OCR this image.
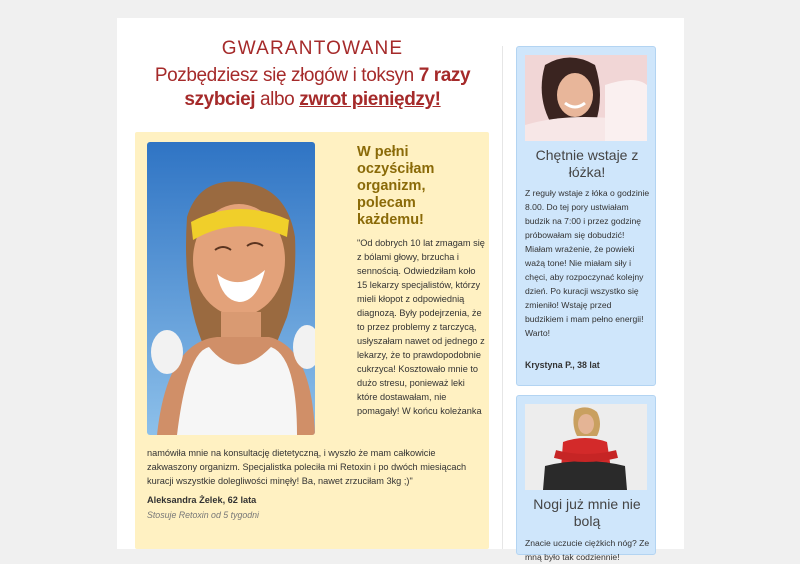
GWARANTOWANE
Pozbędziesz się złogów i toksyn 7 razy
szybciej albo zwrot pieniędzy!
W pełni oczyściłam organizm, polecam każdemu!
"Od dobrych 10 lat zmagam się z bólami głowy, brzucha i sennością. Odwiedziłam koło 15 lekarzy specjalistów, którzy mieli kłopot z odpowiednią diagnozą. Były podejrzenia, że to przez problemy z tarczycą, usłyszałam nawet od jednego z lekarzy, że to prawdopodobnie cukrzyca! Kosztowało mnie to dużo stresu, ponieważ leki które dostawałam, nie pomagały! W końcu koleżanka
namówiła mnie na konsultację dietetyczną, i wyszło że mam całkowicie zakwaszony organizm. Specjalistka poleciła mi Retoxin i po dwóch miesiącach kuracji wszystkie dolegliwości minęły! Ba, nawet zrzuciłam 3kg ;)"
Aleksandra Żelek, 62 lata
Stosuje Retoxin od 5 tygodni
Chętnie wstaje z łóżka!
Z reguły wstaje z łóka o godzinie 8.00. Do tej pory ustwiałam budzik na 7:00 i przez godzinę próbowałam się dobudzić! Miałam wrażenie, że powieki ważą tone! Nie miałam siły i chęci, aby rozpoczynać kolejny dzień. Po kuracji wszystko się zmieniło! Wstaję przed budzikiem i mam pełno energii! Warto!
Krystyna P., 38 lat
Nogi już mnie nie bolą
Znacie uczucie ciężkich nóg? Ze mną było tak codziennie!
